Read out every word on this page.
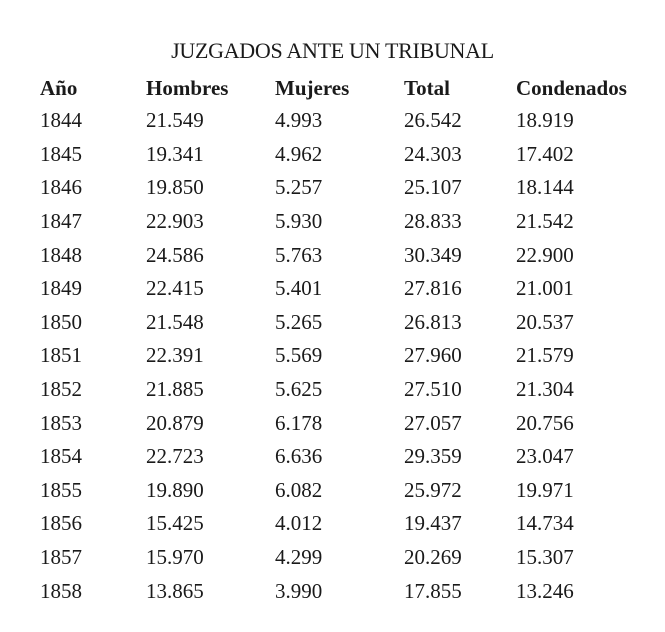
JUZGADOS ANTE UN TRIBUNAL
Año	Hombres	Mujeres	Total	Condenados
1844	21.549	4.993	26.542	18.919
1845	19.341	4.962	24.303	17.402
1846	19.850	5.257	25.107	18.144
1847	22.903	5.930	28.833	21.542
1848	24.586	5.763	30.349	22.900
1849	22.415	5.401	27.816	21.001
1850	21.548	5.265	26.813	20.537
1851	22.391	5.569	27.960	21.579
1852	21.885	5.625	27.510	21.304
1853	20.879	6.178	27.057	20.756
1854	22.723	6.636	29.359	23.047
1855	19.890	6.082	25.972	19.971
1856	15.425	4.012	19.437	14.734
1857	15.970	4.299	20.269	15.307
1858	13.865	3.990	17.855	13.246
